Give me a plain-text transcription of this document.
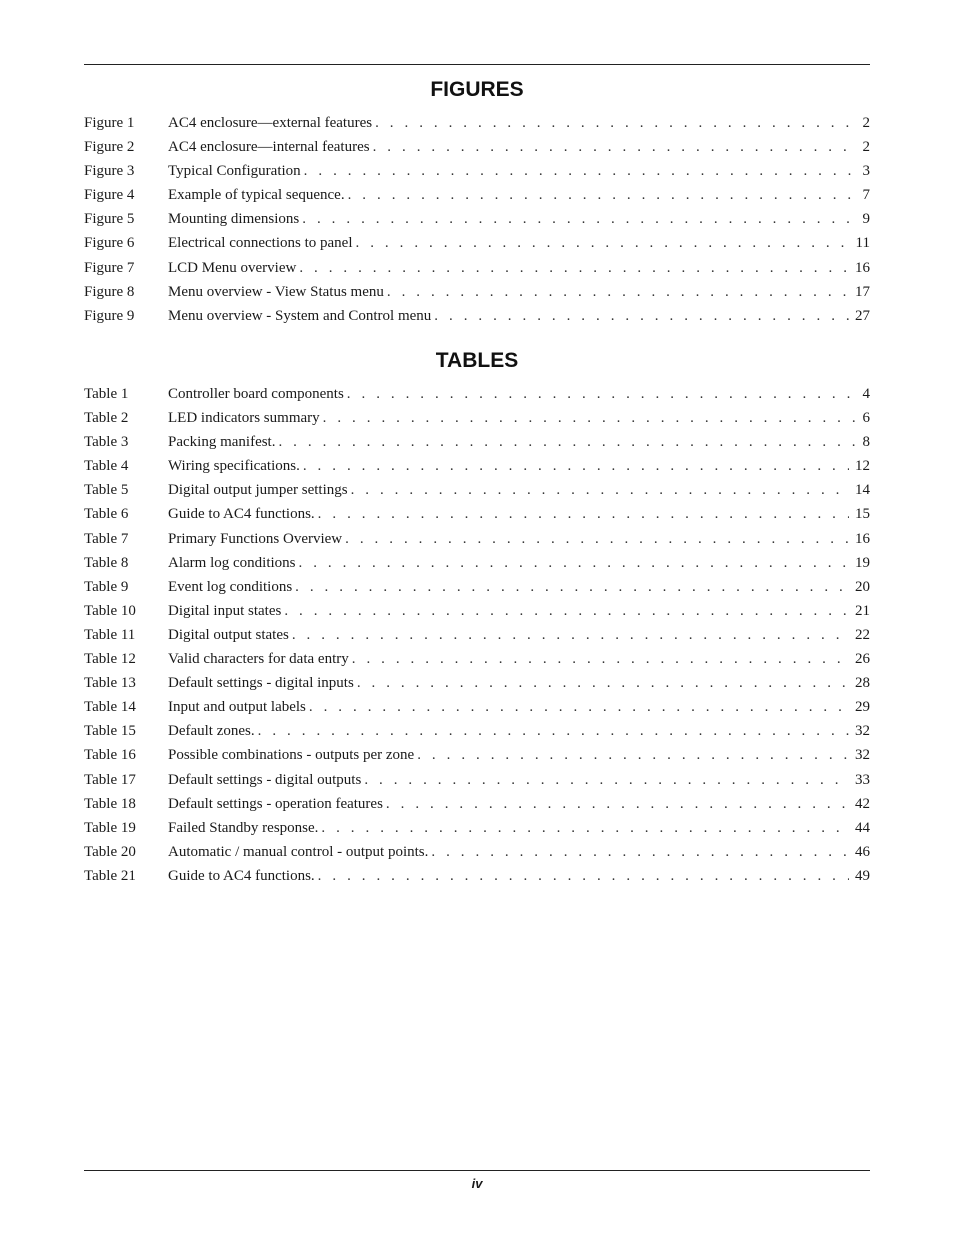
FIGURES
Figure 1	AC4 enclosure—external features . . .	2
Figure 2	AC4 enclosure—internal features . . .	2
Figure 3	Typical Configuration . . .	3
Figure 4	Example of typical sequence. . . .	7
Figure 5	Mounting dimensions . . .	9
Figure 6	Electrical connections to panel . . .	11
Figure 7	LCD Menu overview . . .	16
Figure 8	Menu overview - View Status menu . . .	17
Figure 9	Menu overview - System and Control menu . . .	27
TABLES
Table 1	Controller board components . . .	4
Table 2	LED indicators summary . . .	6
Table 3	Packing manifest. . . .	8
Table 4	Wiring specifications. . . .	12
Table 5	Digital output jumper settings . . .	14
Table 6	Guide to AC4 functions. . . .	15
Table 7	Primary Functions Overview . . .	16
Table 8	Alarm log conditions . . .	19
Table 9	Event log conditions . . .	20
Table 10	Digital input states . . .	21
Table 11	Digital output states . . .	22
Table 12	Valid characters for data entry . . .	26
Table 13	Default settings - digital inputs . . .	28
Table 14	Input and output labels . . .	29
Table 15	Default zones. . . .	32
Table 16	Possible combinations - outputs per zone . . .	32
Table 17	Default settings - digital outputs . . .	33
Table 18	Default settings - operation features . . .	42
Table 19	Failed Standby response. . . .	44
Table 20	Automatic / manual control - output points. . . .	46
Table 21	Guide to AC4 functions. . . .	49
iv
